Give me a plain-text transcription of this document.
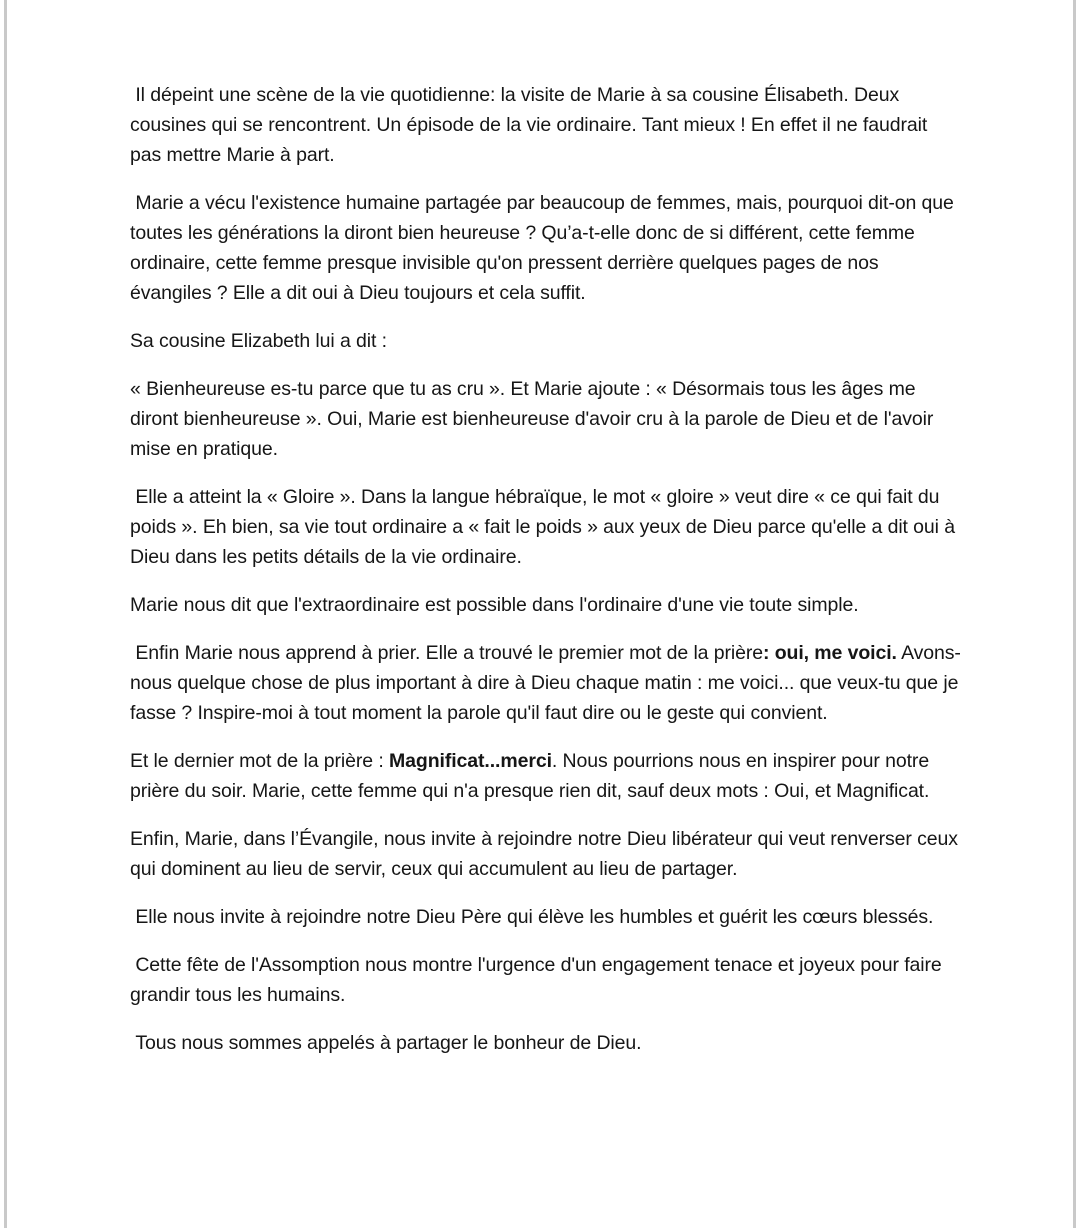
Il dépeint une scène de la vie quotidienne: la visite de Marie à sa cousine Élisabeth. Deux cousines qui se rencontrent. Un épisode de la vie ordinaire. Tant mieux ! En effet il ne faudrait pas mettre Marie à part.

Marie a vécu l'existence humaine partagée par beaucoup de femmes, mais, pourquoi dit-on que toutes les générations la diront bien heureuse ? Qu’a-t-elle donc de si différent, cette femme ordinaire, cette femme presque invisible qu'on pressent derrière quelques pages de nos évangiles ? Elle a dit oui à Dieu toujours et cela suffit.

Sa cousine Elizabeth lui a dit :

« Bienheureuse es-tu parce que tu as cru ». Et Marie ajoute : « Désormais tous les âges me diront bienheureuse ». Oui, Marie est bienheureuse d'avoir cru à la parole de Dieu et de l'avoir mise en pratique.

Elle a atteint la « Gloire ». Dans la langue hébraïque, le mot « gloire » veut dire « ce qui fait du poids ». Eh bien, sa vie tout ordinaire a « fait le poids » aux yeux de Dieu parce qu'elle a dit oui à Dieu dans les petits détails de la vie ordinaire.

Marie nous dit que l'extraordinaire est possible dans l'ordinaire d'une vie toute simple.

Enfin Marie nous apprend à prier. Elle a trouvé le premier mot de la prière: oui, me voici. Avons-nous quelque chose de plus important à dire à Dieu chaque matin : me voici... que veux-tu que je fasse ? Inspire-moi à tout moment la parole qu'il faut dire ou le geste qui convient.

Et le dernier mot de la prière : Magnificat...merci. Nous pourrions nous en inspirer pour notre prière du soir. Marie, cette femme qui n'a presque rien dit, sauf deux mots : Oui, et Magnificat.

Enfin, Marie, dans l’Évangile, nous invite à rejoindre notre Dieu libérateur qui veut renverser ceux qui dominent au lieu de servir, ceux qui accumulent au lieu de partager.

Elle nous invite à rejoindre notre Dieu Père qui élève les humbles et guérit les cœurs blessés.

Cette fête de l'Assomption nous montre l'urgence d'un engagement tenace et joyeux pour faire grandir tous les humains.

Tous nous sommes appelés à partager le bonheur de Dieu.
